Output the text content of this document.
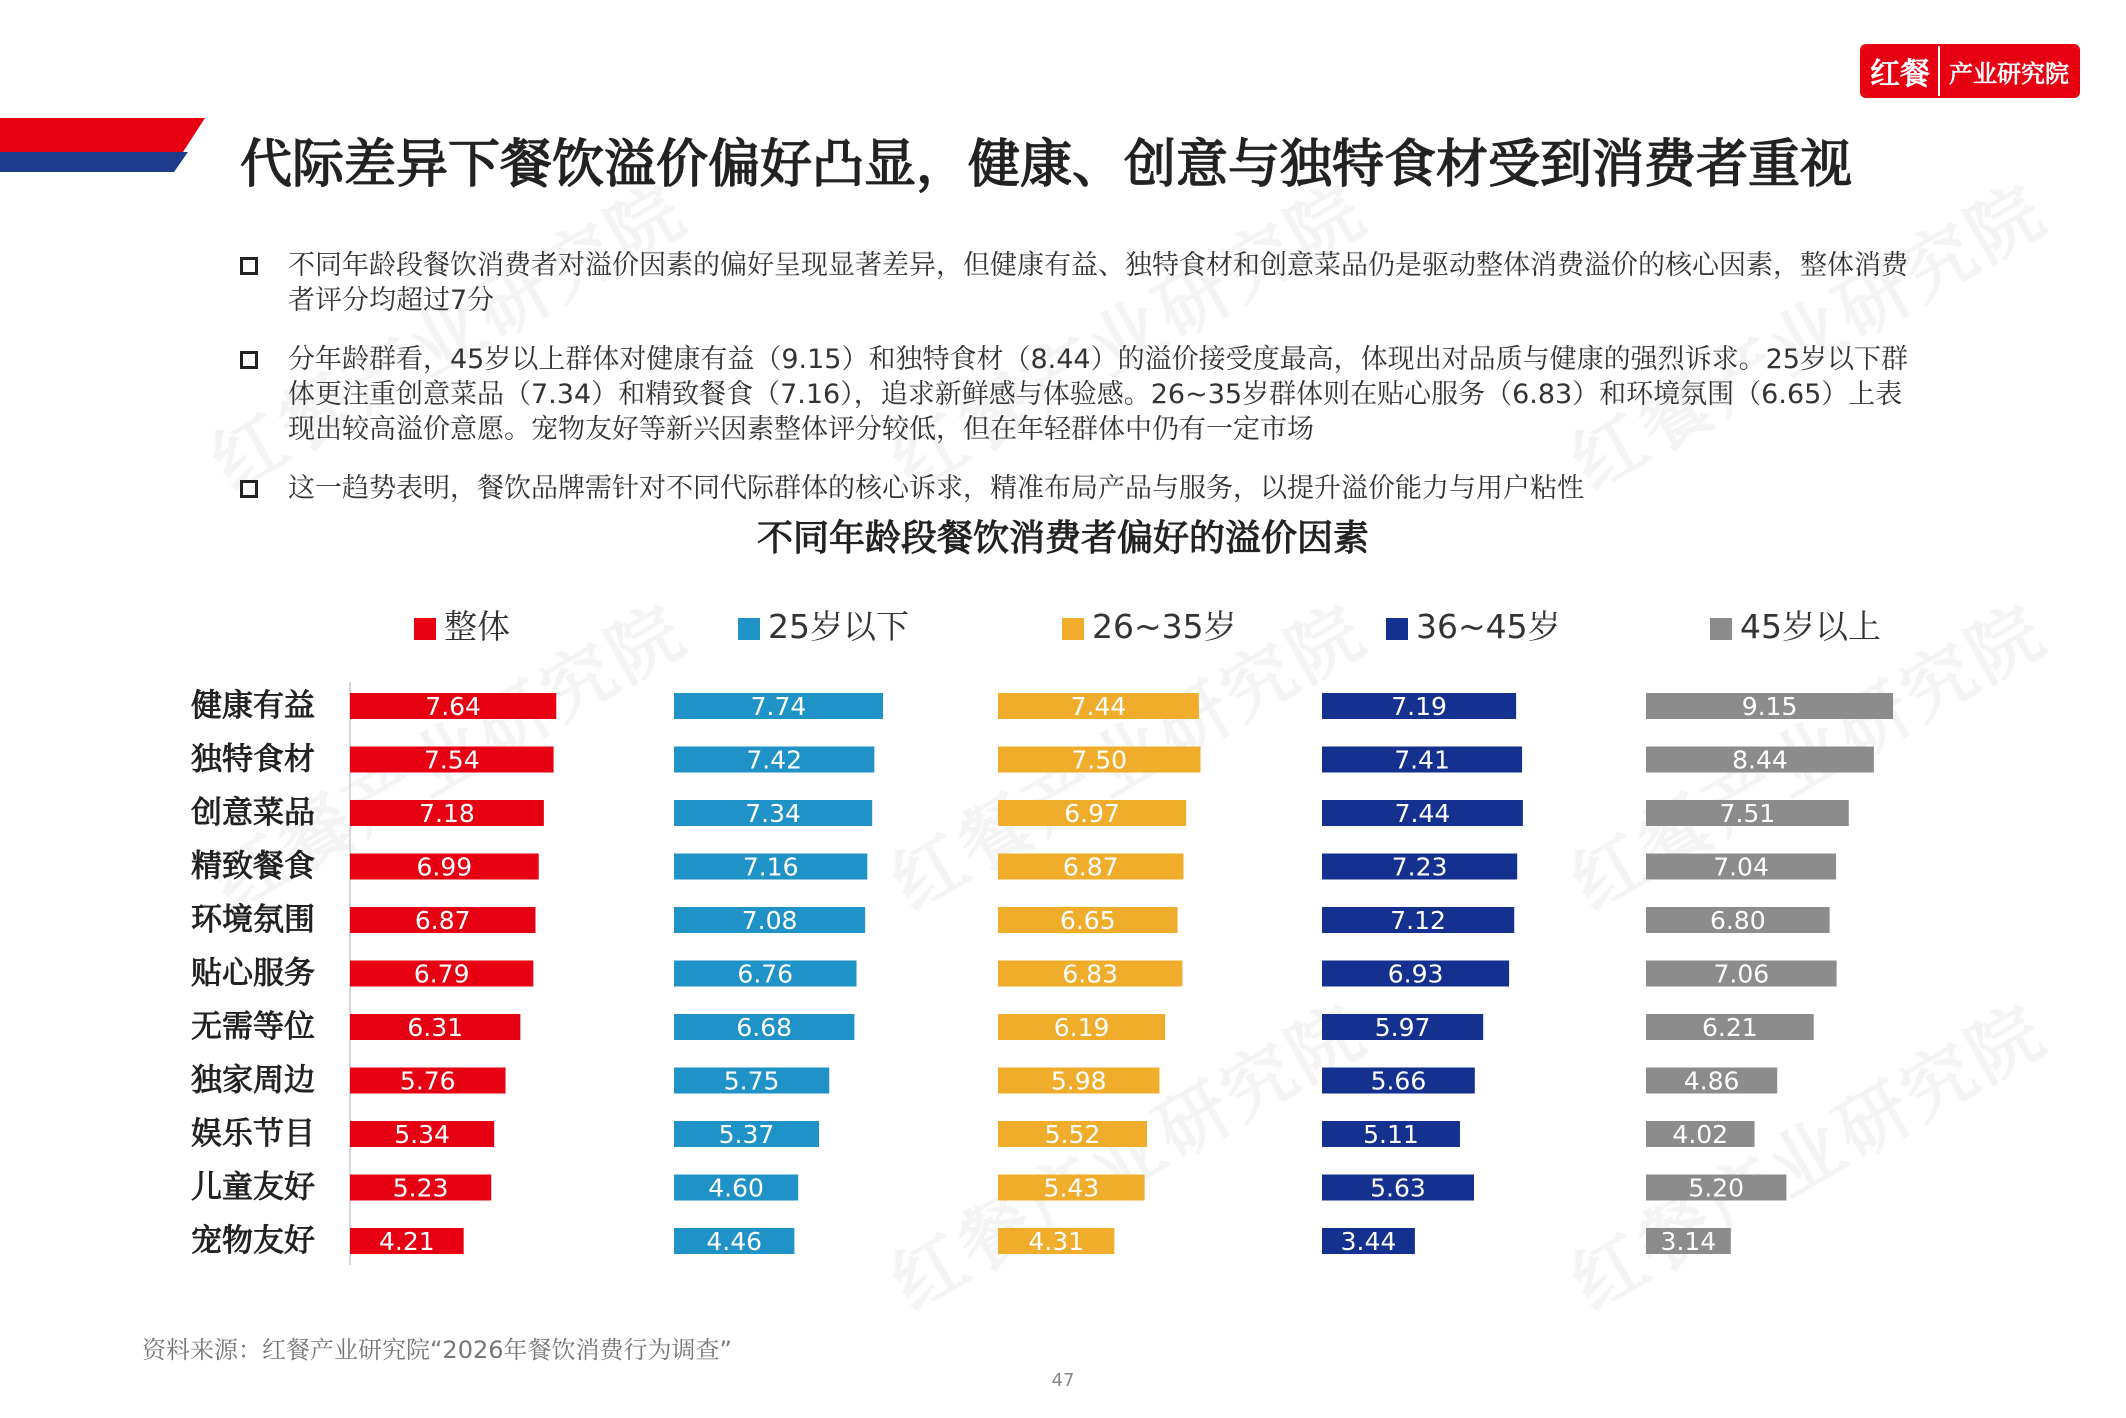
红餐 产业研究院
代际差异下餐饮溢价偏好凸显，健康、创意与独特食材受到消费者重视
不同年龄段餐饮消费者对溢价因素的偏好呈现显著差异，但健康有益、独特食材和创意菜品仍是驱动整体消费溢价的核心因素，整体消费者评分均超过7分
分年龄群看，45岁以上群体对健康有益（9.15）和独特食材（8.44）的溢价接受度最高，体现出对品质与健康的强烈诉求。25岁以下群体更注重创意菜品（7.34）和精致餐食（7.16），追求新鲜感与体验感。26~35岁群体则在贴心服务（6.83）和环境氛围（6.65）上表现出较高溢价意愿。宠物友好等新兴因素整体评分较低，但在年轻群体中仍有一定市场
这一趋势表明，餐饮品牌需针对不同代际群体的核心诉求，精准布局产品与服务，以提升溢价能力与用户粘性
不同年龄段餐饮消费者偏好的溢价因素
健康有益
独特食材
创意菜品
精致餐食
环境氛围
贴心服务
无需等位
独家周边
娱乐节目
儿童友好
宠物友好
整体
7.64
7.54
7.18
6.99
6.87
6.79
6.31
5.76
5.34
5.23
4.21
25岁以下
7.74
7.42
7.34
7.16
7.08
6.76
6.68
5.75
5.37
4.60
4.46
26~35岁
7.44
7.50
6.97
6.87
6.65
6.83
6.19
5.98
5.52
5.43
4.31
36~45岁
7.19
7.41
7.44
7.23
7.12
6.93
5.97
5.66
5.11
5.63
3.44
45岁以上
9.15
8.44
7.51
7.04
6.80
7.06
6.21
4.86
4.02
5.20
3.14
资料来源：红餐产业研究院“2026年餐饮消费行为调查”
47
